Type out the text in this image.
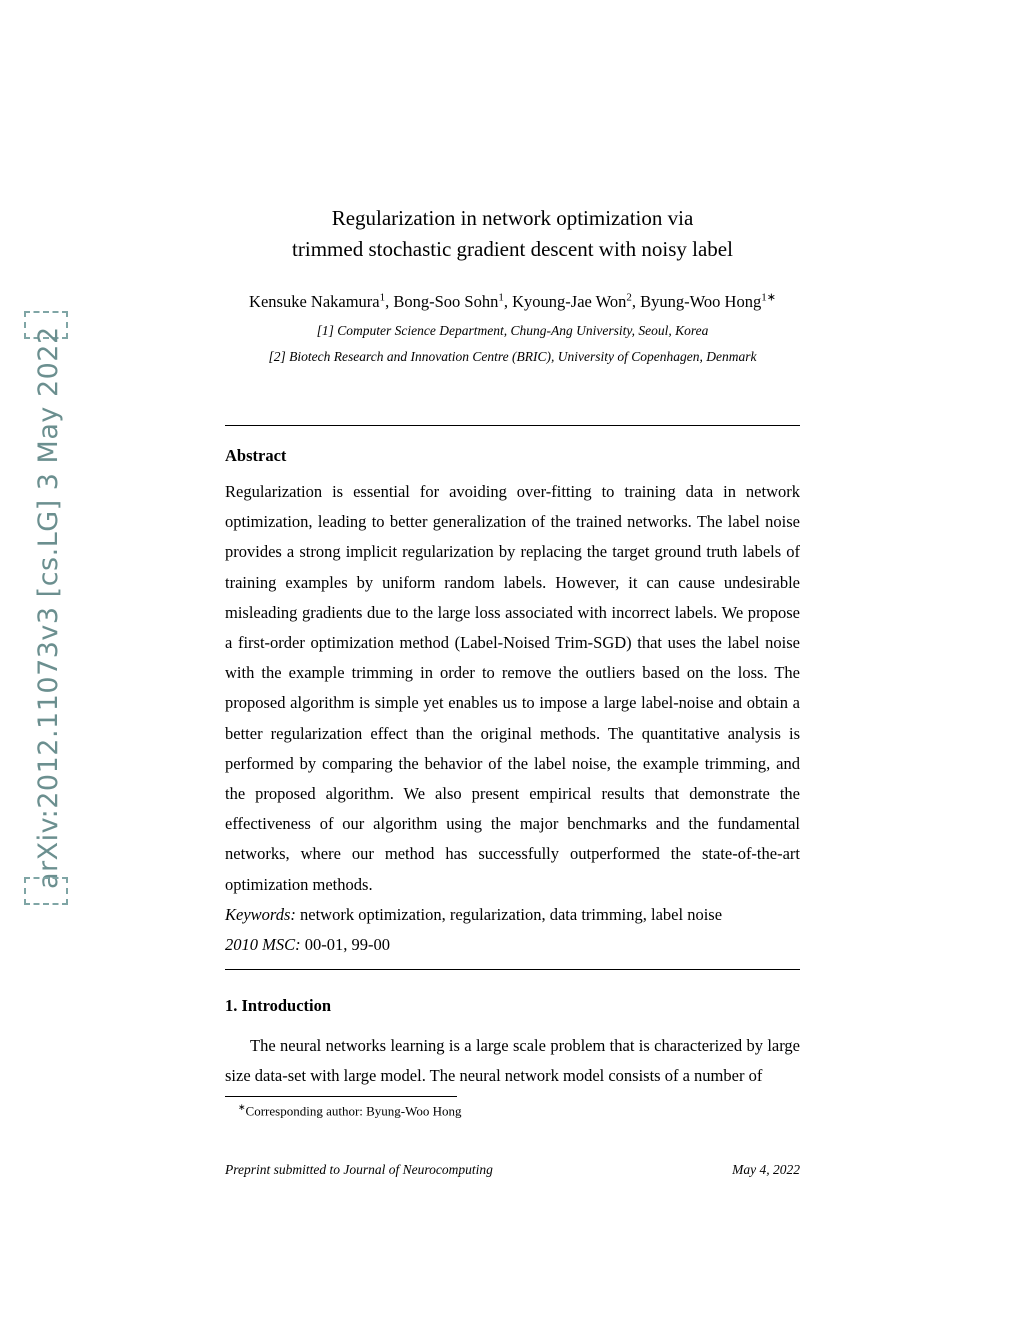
arXiv:2012.11073v3 [cs.LG] 3 May 2022
Regularization in network optimization via
trimmed stochastic gradient descent with noisy label
Kensuke Nakamura$^1$, Bong-Soo Sohn$^1$, Kyoung-Jae Won$^2$, Byung-Woo Hong$^{1∗}$
[1] Computer Science Department, Chung-Ang University, Seoul, Korea
[2] Biotech Research and Innovation Centre (BRIC), University of Copenhagen, Denmark
Abstract
Regularization is essential for avoiding over-fitting to training data in network optimization, leading to better generalization of the trained networks. The label noise provides a strong implicit regularization by replacing the target ground truth labels of training examples by uniform random labels. However, it can cause undesirable misleading gradients due to the large loss associated with incorrect labels. We propose a first-order optimization method (Label-Noised Trim-SGD) that uses the label noise with the example trimming in order to remove the outliers based on the loss. The proposed algorithm is simple yet enables us to impose a large label-noise and obtain a better regularization effect than the original methods. The quantitative analysis is performed by comparing the behavior of the label noise, the example trimming, and the proposed algorithm. We also present empirical results that demonstrate the effectiveness of our algorithm using the major benchmarks and the fundamental networks, where our method has successfully outperformed the state-of-the-art optimization methods.
Keywords: network optimization, regularization, data trimming, label noise
2010 MSC: 00-01, 99-00
1. Introduction
The neural networks learning is a large scale problem that is characterized by large size data-set with large model. The neural network model consists of a number of
∗Corresponding author: Byung-Woo Hong
Preprint submitted to Journal of Neurocomputing	May 4, 2022
